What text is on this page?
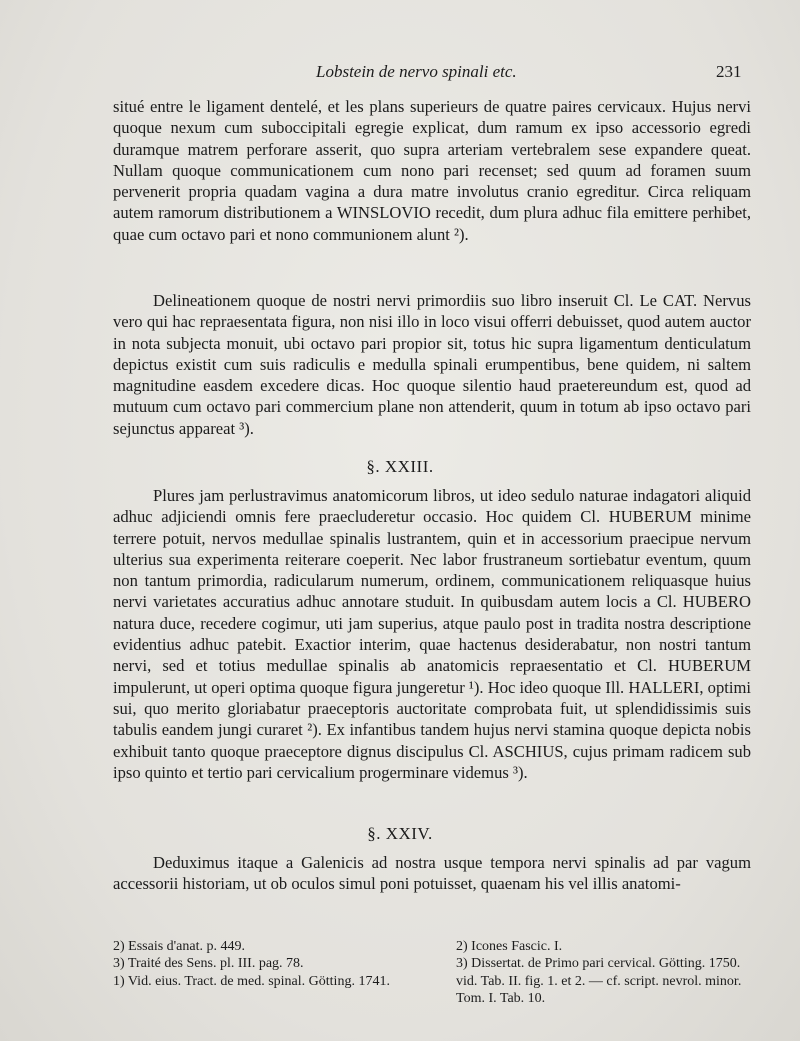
Lobstein de nervo spinali etc.	231

situé entre le ligament dentelé, et les plans superieurs de quatre paires cervicaux. Hujus nervi quoque nexum cum suboccipitali egregie explicat, dum ramum ex ipso accessorio egredi duramque matrem perforare asserit, quo supra arteriam vertebralem sese expandere queat. Nullam quoque communicationem cum nono pari recenset; sed quum ad foramen suum pervenerit propria quadam vagina a dura matre involutus cranio egreditur. Circa reliquam autem ramorum distributionem a WINSLOVIO recedit, dum plura adhuc fila emittere perhibet, quae cum octavo pari et nono communionem alunt ²).

Delineationem quoque de nostri nervi primordiis suo libro inseruit Cl. Le CAT. Nervus vero qui hac repraesentata figura, non nisi illo in loco visui offerri debuisset, quod autem auctor in nota subjecta monuit, ubi octavo pari propior sit, totus hic supra ligamentum denticulatum depictus existit cum suis radiculis e medulla spinali erumpentibus, bene quidem, ni saltem magnitudine easdem excedere dicas. Hoc quoque silentio haud praetereundum est, quod ad mutuum cum octavo pari commercium plane non attenderit, quum in totum ab ipso octavo pari sejunctus appareat ³).

§. XXIII.

Plures jam perlustravimus anatomicorum libros, ut ideo sedulo naturae indagatori aliquid adhuc adjiciendi omnis fere praecluderetur occasio. Hoc quidem Cl. HUBERUM minime terrere potuit, nervos medullae spinalis lustrantem, quin et in accessorium praecipue nervum ulterius sua experimenta reiterare coeperit. Nec labor frustraneum sortiebatur eventum, quum non tantum primordia, radicularum numerum, ordinem, communicationem reliquasque huius nervi varietates accuratius adhuc annotare studuit. In quibusdam autem locis a Cl. HUBERO natura duce, recedere cogimur, uti jam superius, atque paulo post in tradita nostra descriptione evidentius adhuc patebit. Exactior interim, quae hactenus desiderabatur, non nostri tantum nervi, sed et totius medullae spinalis ab anatomicis repraesentatio et Cl. HUBERUM impulerunt, ut operi optima quoque figura jungeretur ¹). Hoc ideo quoque Ill. HALLERI, optimi sui, quo merito gloriabatur praeceptoris auctoritate comprobata fuit, ut splendidissimis suis tabulis eandem jungi curaret ²). Ex infantibus tandem hujus nervi stamina quoque depicta nobis exhibuit tanto quoque praeceptore dignus discipulus Cl. ASCHIUS, cujus primam radicem sub ipso quinto et tertio pari cervicalium progerminare videmus ³).

§. XXIV.

Deduximus itaque a Galenicis ad nostra usque tempora nervi spinalis ad par vagum accessorii historiam, ut ob oculos simul poni potuisset, quaenam his vel illis anatomi-

2) Essais d'anat. p. 449.

3) Traité des Sens. pl. III. pag. 78.

1) Vid. eius. Tract. de med. spinal. Götting. 1741.

2) Icones Fascic. I.

3) Dissertat. de Primo pari cervical. Götting. 1750. vid. Tab. II. fig. 1. et 2. — cf. script. nevrol. minor. Tom. I. Tab. 10.
